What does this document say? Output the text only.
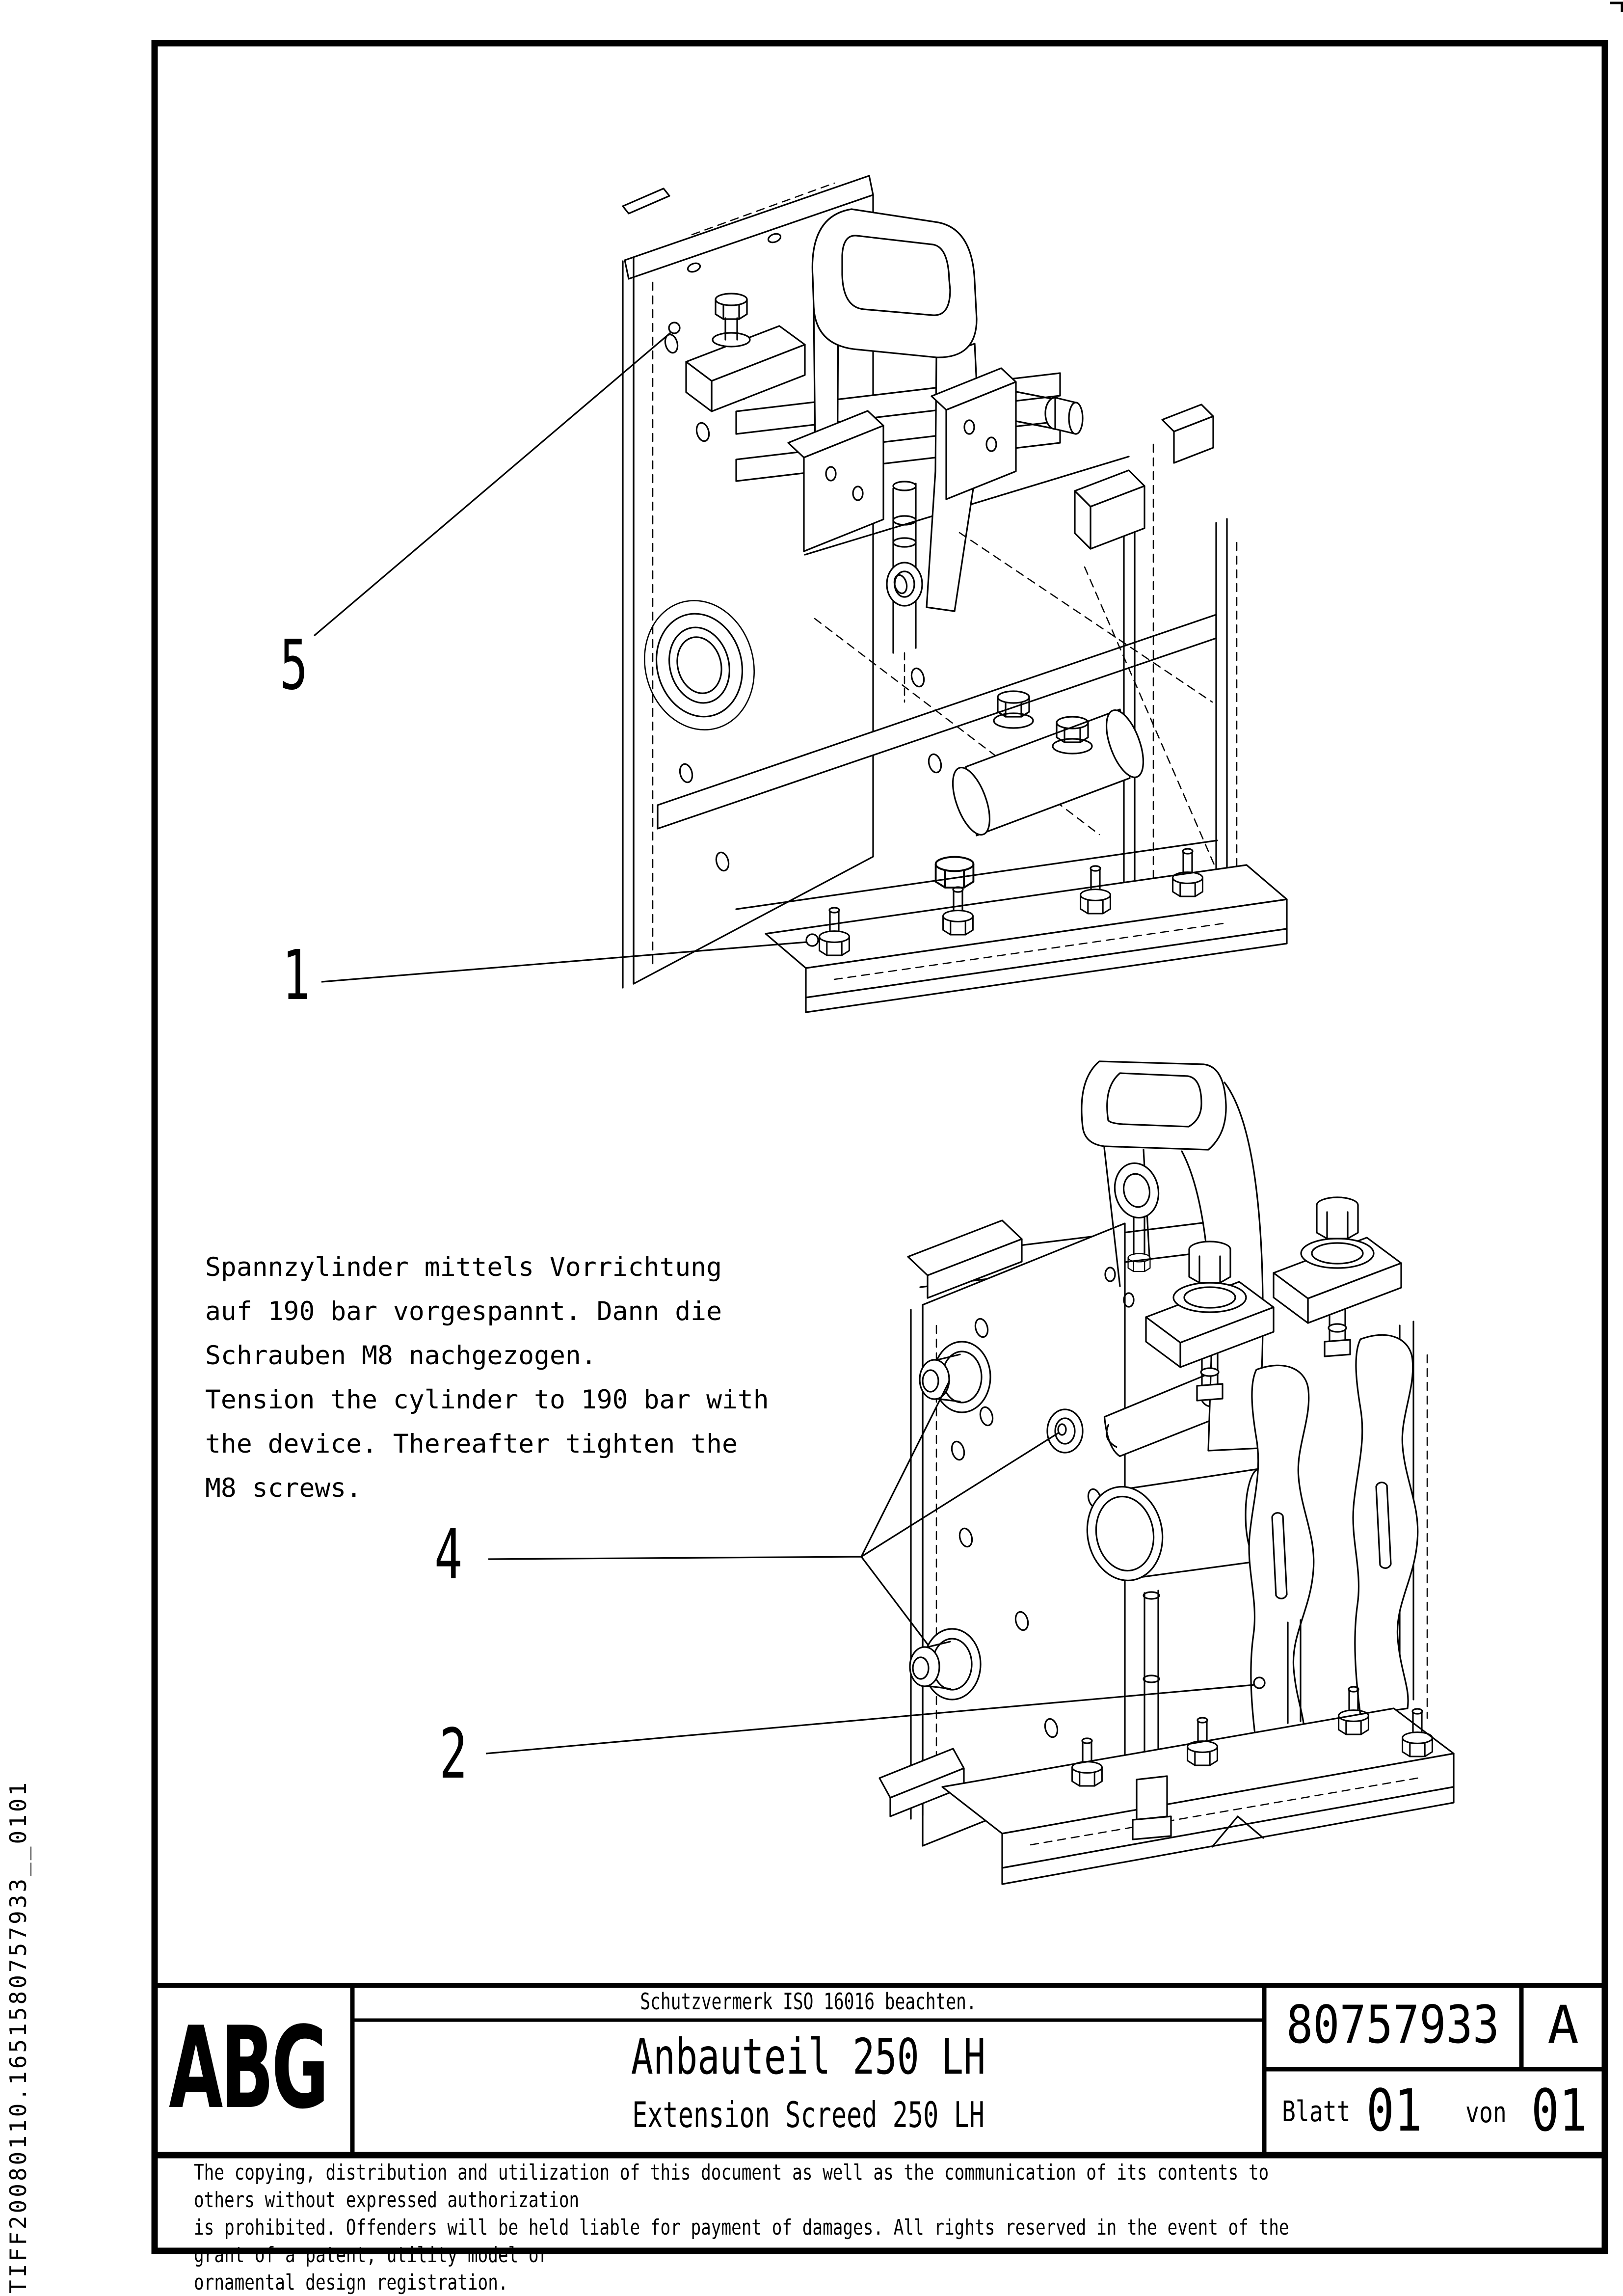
5
1
4
2
Spannzylinder mittels Vorrichtung
auf 190 bar vorgespannt. Dann die
Schrauben M8 nachgezogen.
Tension the cylinder to 190 bar with
the device. Thereafter tighten the
M8 screws.
ABG
Schutzvermerk ISO 16016 beachten.
Anbauteil 250 LH
Extension Screed 250 LH
80757933 A
Blatt 01 von 01
The copying, distribution and utilization of this document as well as the communication of its contents to others without expressed authorization
is prohibited. Offenders will be held liable for payment of damages. All rights reserved in the event of the grant of a patent, utility model or
ornamental design registration.
TIFF20080110.1651580757933__0101
